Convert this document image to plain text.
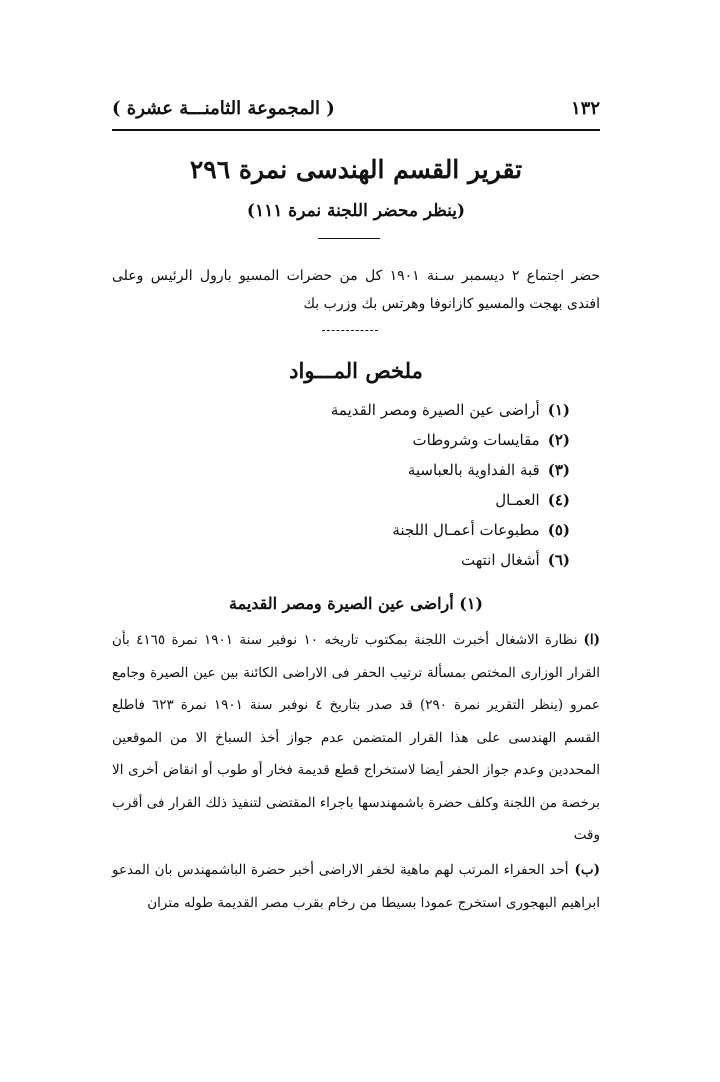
١٣٢
( المجموعة الثامنـــة عشرة )
تقرير القسم الهندسى نمرة ٢٩٦
(ينظر محضر اللجنة نمرة ١١١)
حضر اجتماع ٢ ديسمبر سـنة ١٩٠١ كل من حضرات المسيو بارول الرئيس وعلى افندى بهجت والمسيو كازانوفا وهرتس بك وزرب بك
ملخص المـــواد
(١)
أراضى عين الصيرة ومصر القديمة
(٢)
مقايسات وشروطات
(٣)
قبة الفداوية بالعباسية
(٤)
العمـال
(٥)
مطبوعات أعمـال اللجنة
(٦)
أشغال انتهت
(١) أراضى عين الصيرة ومصر القديمة
(ا)نظارة الاشغال أخبرت اللجنة بمكتوب تاريخه ١٠ نوفبر سنة ١٩٠١ نمرة ٤١٦٥ بأن القرار الوزارى المختص بمسألة ترتيب الحفر فى الاراضى الكائنة بين عين الصيرة وجامع عمرو (ينظر التقرير نمرة ٢٩٠) قد صدر بتاريخ ٤ نوفبر سنة ١٩٠١ نمرة ٦٢٣ فاطلع القسم الهندسى على هذا القرار المتضمن عدم جواز أخذ السباخ الا من الموقعين المحددين وعدم جواز الحفر أيضا لاستخراج قطع قديمة فخار أو طوب أو انقاض أخرى الا برخصة من اللجنة وكلف حضرة باشمهندسها باجراء المقتضى لتنفيذ ذلك القرار فى أقرب وقت
(ب)أحد الحفراء المرتب لهم ماهية لخفر الاراضى أخبر حضرة الباشمهندس بان المدعو ابراهيم البهجورى استخرج عمودا بسيطا من رخام بقرب مصر القديمة طوله متران
